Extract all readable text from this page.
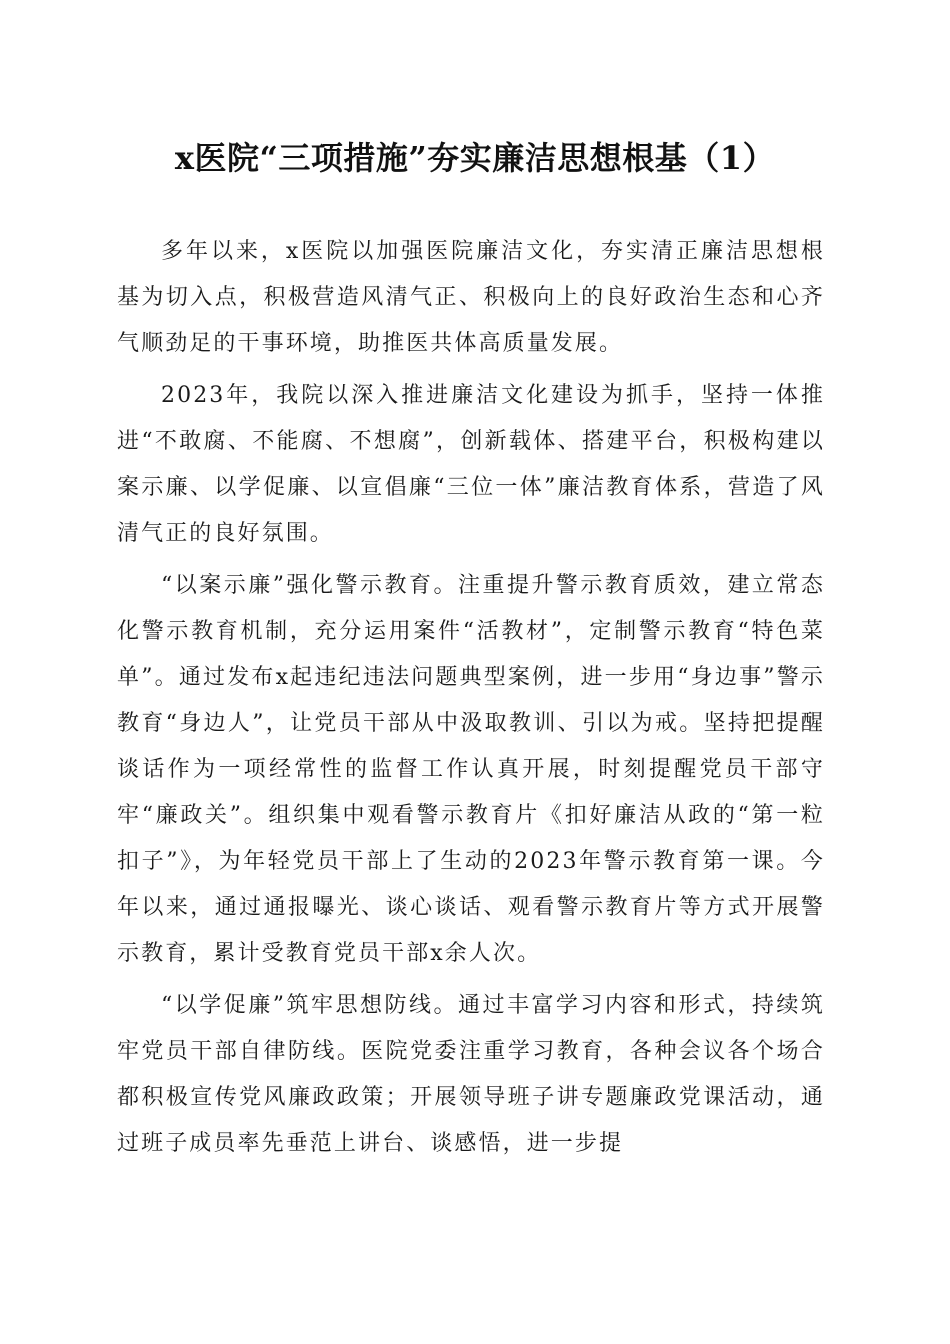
x医院“三项措施”夯实廉洁思想根基（1）

多年以来，x医院以加强医院廉洁文化，夯实清正廉洁思想根基为切入点，积极营造风清气正、积极向上的良好政治生态和心齐气顺劲足的干事环境，助推医共体高质量发展。

2023年，我院以深入推进廉洁文化建设为抓手，坚持一体推进“不敢腐、不能腐、不想腐”，创新载体、搭建平台，积极构建以案示廉、以学促廉、以宣倡廉“三位一体”廉洁教育体系，营造了风清气正的良好氛围。

“以案示廉”强化警示教育。注重提升警示教育质效，建立常态化警示教育机制，充分运用案件“活教材”，定制警示教育“特色菜单”。通过发布x起违纪违法问题典型案例，进一步用“身边事”警示教育“身边人”，让党员干部从中汲取教训、引以为戒。坚持把提醒谈话作为一项经常性的监督工作认真开展，时刻提醒党员干部守牢“廉政关”。组织集中观看警示教育片《扣好廉洁从政的“第一粒扣子”》，为年轻党员干部上了生动的2023年警示教育第一课。今年以来，通过通报曝光、谈心谈话、观看警示教育片等方式开展警示教育，累计受教育党员干部x余人次。

“以学促廉”筑牢思想防线。通过丰富学习内容和形式，持续筑牢党员干部自律防线。医院党委注重学习教育，各种会议各个场合都积极宣传党风廉政政策；开展领导班子讲专题廉政党课活动，通过班子成员率先垂范上讲台、谈感悟，进一步提
